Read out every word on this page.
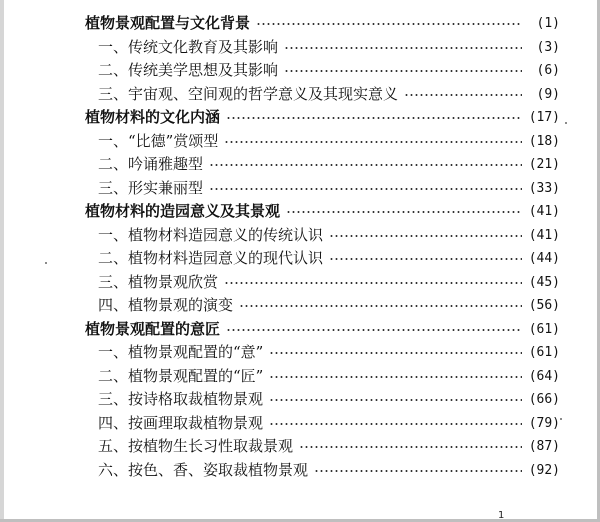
植物景观配置与文化背景	(1)
一、传统文化教育及其影响	(3)
二、传统美学思想及其影响	(6)
三、宇宙观、空间观的哲学意义及其现实意义	(9)
植物材料的文化内涵	(17)
一、“比德”赏颂型	(18)
二、吟诵雅趣型	(21)
三、形实兼丽型	(33)
植物材料的造园意义及其景观	(41)
一、植物材料造园意义的传统认识	(41)
二、植物材料造园意义的现代认识	(44)
三、植物景观欣赏	(45)
四、植物景观的演变	(56)
植物景观配置的意匠	(61)
一、植物景观配置的“意”	(61)
二、植物景观配置的“匠”	(64)
三、按诗格取裁植物景观	(66)
四、按画理取裁植物景观	(79)
五、按植物生长习性取裁景观	(87)
六、按色、香、姿取裁植物景观	(92)
1
